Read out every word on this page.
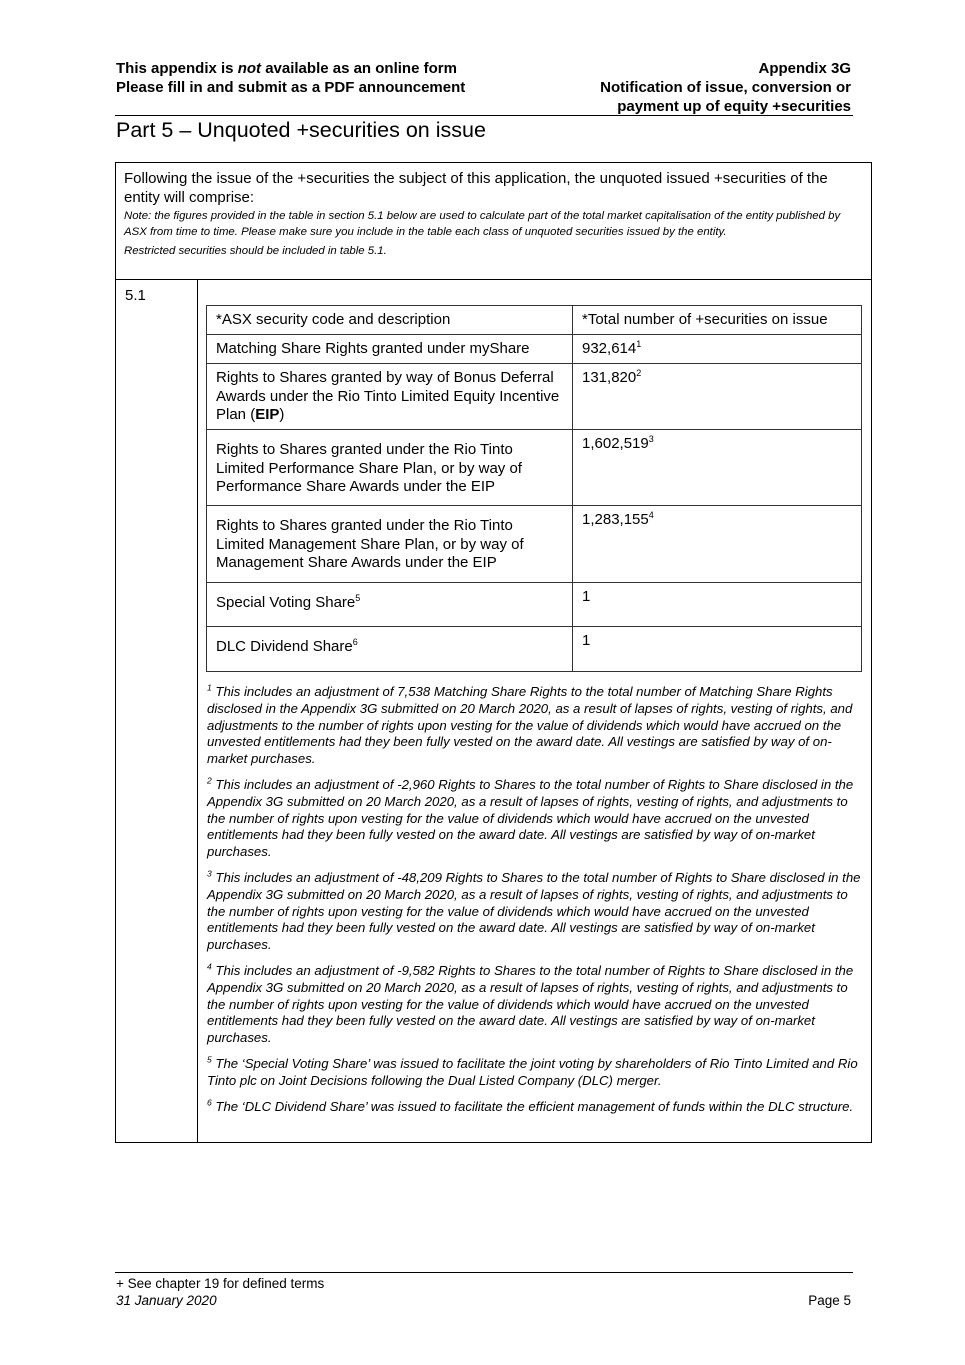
This appendix is not available as an online form
Please fill in and submit as a PDF announcement
Appendix 3G
Notification of issue, conversion or
payment up of equity +securities
Part 5 – Unquoted +securities on issue
Following the issue of the +securities the subject of this application, the unquoted issued +securities of the entity will comprise:
Note: the figures provided in the table in section 5.1 below are used to calculate part of the total market capitalisation of the entity published by ASX from time to time. Please make sure you include in the table each class of unquoted securities issued by the entity.
Restricted securities should be included in table 5.1.
5.1
*ASX security code and description	*Total number of +securities on issue
Matching Share Rights granted under myShare	932,614$^1$
Rights to Shares granted by way of Bonus Deferral Awards under the Rio Tinto Limited Equity Incentive Plan (EIP)	131,820$^2$
Rights to Shares granted under the Rio Tinto Limited Performance Share Plan, or by way of Performance Share Awards under the EIP	1,602,519$^3$
Rights to Shares granted under the Rio Tinto Limited Management Share Plan, or by way of Management Share Awards under the EIP	1,283,155$^4$
Special Voting Share$^5$	1
DLC Dividend Share$^6$	1

$^1$ This includes an adjustment of 7,538 Matching Share Rights to the total number of Matching Share Rights disclosed in the Appendix 3G submitted on 20 March 2020, as a result of lapses of rights, vesting of rights, and adjustments to the number of rights upon vesting for the value of dividends which would have accrued on the unvested entitlements had they been fully vested on the award date. All vestings are satisfied by way of on-market purchases.

$^2$ This includes an adjustment of -2,960 Rights to Shares to the total number of Rights to Share disclosed in the Appendix 3G submitted on 20 March 2020, as a result of lapses of rights, vesting of rights, and adjustments to the number of rights upon vesting for the value of dividends which would have accrued on the unvested entitlements had they been fully vested on the award date. All vestings are satisfied by way of on-market purchases.

$^3$ This includes an adjustment of -48,209 Rights to Shares to the total number of Rights to Share disclosed in the Appendix 3G submitted on 20 March 2020, as a result of lapses of rights, vesting of rights, and adjustments to the number of rights upon vesting for the value of dividends which would have accrued on the unvested entitlements had they been fully vested on the award date. All vestings are satisfied by way of on-market purchases.

$^4$ This includes an adjustment of -9,582 Rights to Shares to the total number of Rights to Share disclosed in the Appendix 3G submitted on 20 March 2020, as a result of lapses of rights, vesting of rights, and adjustments to the number of rights upon vesting for the value of dividends which would have accrued on the unvested entitlements had they been fully vested on the award date. All vestings are satisfied by way of on-market purchases.

$^5$ The ‘Special Voting Share’ was issued to facilitate the joint voting by shareholders of Rio Tinto Limited and Rio Tinto plc on Joint Decisions following the Dual Listed Company (DLC) merger.

$^6$ The ‘DLC Dividend Share’ was issued to facilitate the efficient management of funds within the DLC structure.

+ See chapter 19 for defined terms
31 January 2020	Page 5
